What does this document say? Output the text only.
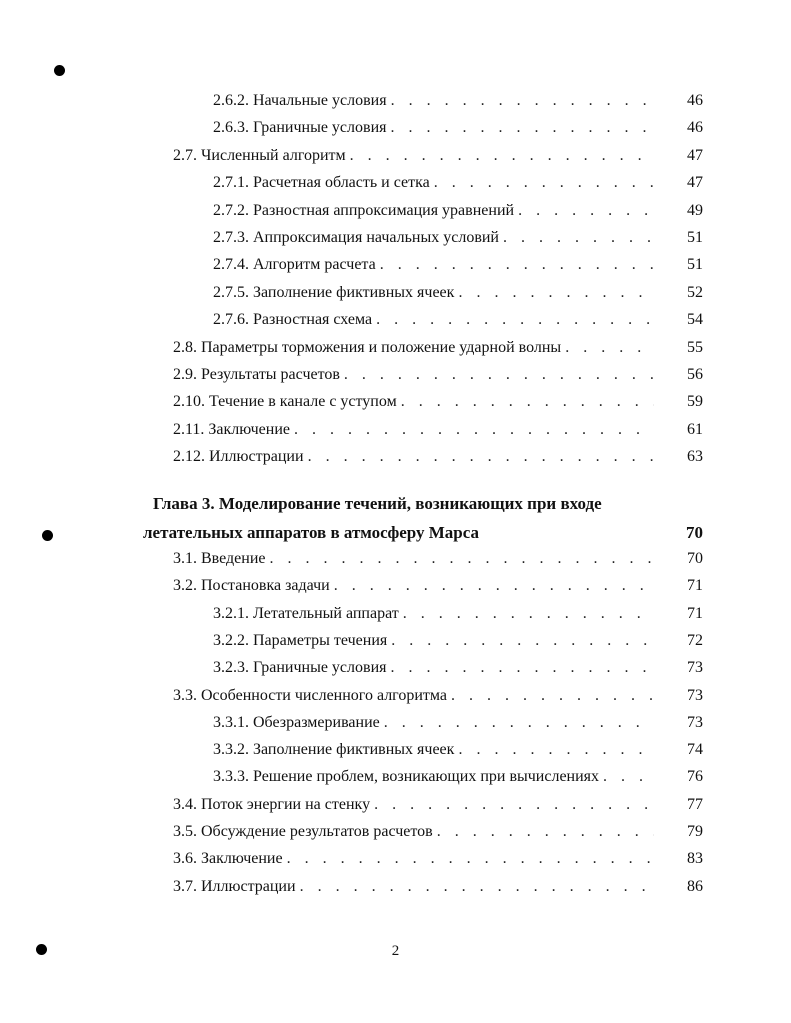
2.6.2. Начальные условия . . .	46
2.6.3. Граничные условия . . .	46
2.7. Численный алгоритм . . .	47
2.7.1. Расчетная область и сетка . . .	47
2.7.2. Разностная аппроксимация уравнений . . .	49
2.7.3. Аппроксимация начальных условий . . .	51
2.7.4. Алгоритм расчета . . .	51
2.7.5. Заполнение фиктивных ячеек . . .	52
2.7.6. Разностная схема . . .	54
2.8. Параметры торможения и положение ударной волны . . .	55
2.9. Результаты расчетов . . .	56
2.10. Течение в канале с уступом . . .	59
2.11. Заключение . . .	61
2.12. Иллюстрации . . .	63
Глава 3. Моделирование течений, возникающих при входе
летательных аппаратов в атмосферу Марса	70
3.1. Введение . . .	70
3.2. Постановка задачи . . .	71
3.2.1. Летательный аппарат . . .	71
3.2.2. Параметры течения . . .	72
3.2.3. Граничные условия . . .	73
3.3. Особенности численного алгоритма . . .	73
3.3.1. Обезразмеривание . . .	73
3.3.2. Заполнение фиктивных ячеек . . .	74
3.3.3. Решение проблем, возникающих при вычислениях . . .	76
3.4. Поток энергии на стенку . . .	77
3.5. Обсуждение результатов расчетов . . .	79
3.6. Заключение . . .	83
3.7. Иллюстрации . . .	86
2
